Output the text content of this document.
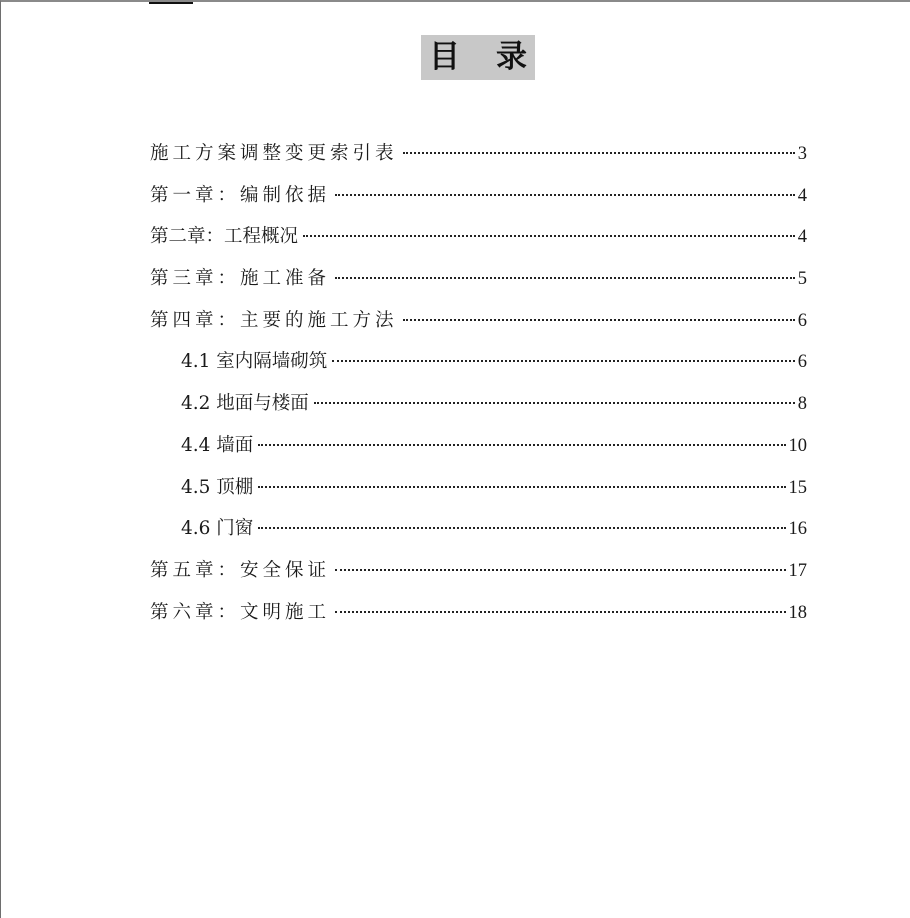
目 录
施工方案调整变更索引表	3
第一章：编制依据	4
第二章：工程概况	4
第三章：施工准备	5
第四章：主要的施工方法	6
4.1 室内隔墙砌筑	6
4.2 地面与楼面	8
4.4 墙面	10
4.5 顶棚	15
4.6 门窗	16
第五章：安全保证	17
第六章：文明施工	18
